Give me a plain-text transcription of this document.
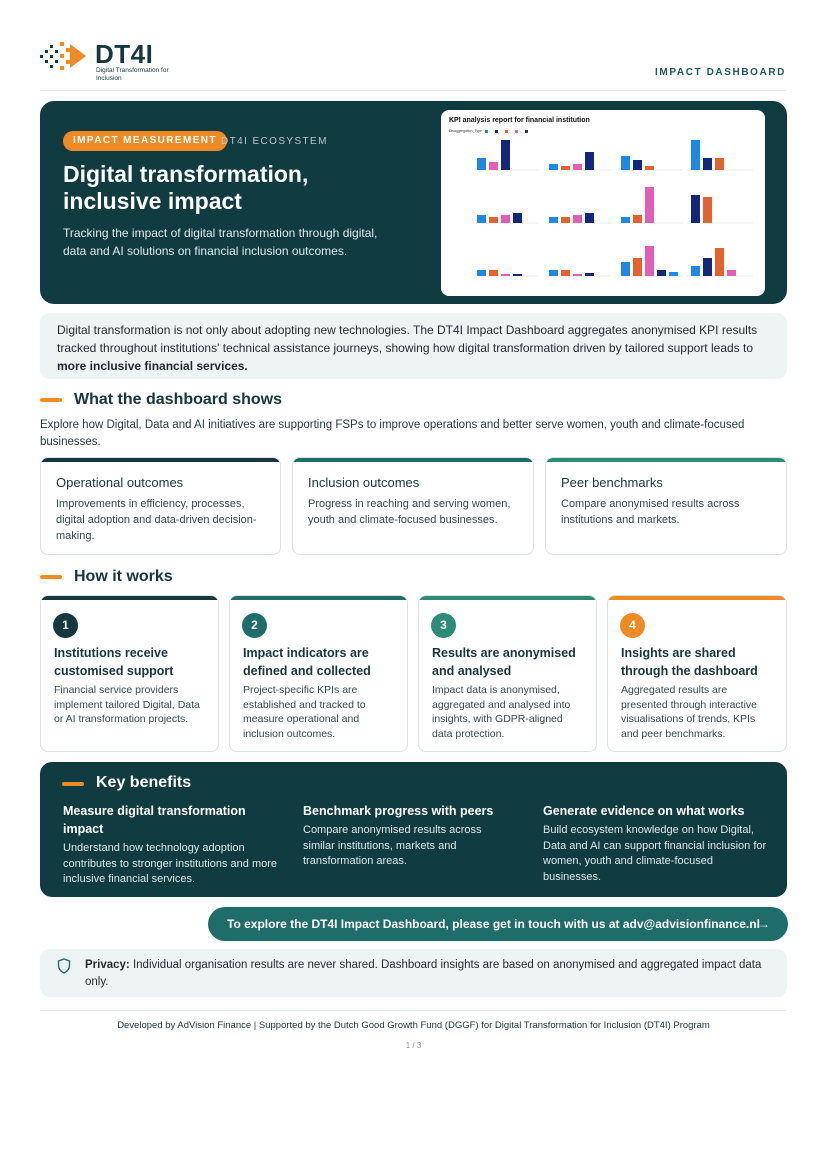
DT4I
Digital Transformation for Inclusion	IMPACT DASHBOARD
IMPACT MEASUREMENT DT4I ECOSYSTEM
Digital transformation, inclusive impact
Tracking the impact of digital transformation through digital, data and AI solutions on financial inclusion outcomes.
KPI analysis report for financial institution
Disaggregation_Type
Digital transformation is not only about adopting new technologies. The DT4I Impact Dashboard aggregates anonymised KPI results tracked throughout institutions' technical assistance journeys, showing how digital transformation driven by tailored support leads to more inclusive financial services.
What the dashboard shows
Explore how Digital, Data and AI initiatives are supporting FSPs to improve operations and better serve women, youth and climate-focused businesses.
Operational outcomes
Improvements in efficiency, processes, digital adoption and data-driven decision-making.
Inclusion outcomes
Progress in reaching and serving women, youth and climate-focused businesses.
Peer benchmarks
Compare anonymised results across institutions and markets.
How it works
1
Institutions receive customised support
Financial service providers implement tailored Digital, Data or AI transformation projects.
2
Impact indicators are defined and collected
Project-specific KPIs are established and tracked to measure operational and inclusion outcomes.
3
Results are anonymised and analysed
Impact data is anonymised, aggregated and analysed into insights, with GDPR-aligned data protection.
4
Insights are shared through the dashboard
Aggregated results are presented through interactive visualisations of trends, KPIs and peer benchmarks.
Key benefits
Measure digital transformation impact
Understand how technology adoption contributes to stronger institutions and more inclusive financial services.
Benchmark progress with peers
Compare anonymised results across similar institutions, markets and transformation areas.
Generate evidence on what works
Build ecosystem knowledge on how Digital, Data and AI can support financial inclusion for women, youth and climate-focused businesses.
To explore the DT4I Impact Dashboard, please get in touch with us at adv@advisionfinance.nl
→
Privacy: Individual organisation results are never shared. Dashboard insights are based on anonymised and aggregated impact data only.
Developed by AdVision Finance | Supported by the Dutch Good Growth Fund (DGGF) for Digital Transformation for Inclusion (DT4I) Program
1 / 3
